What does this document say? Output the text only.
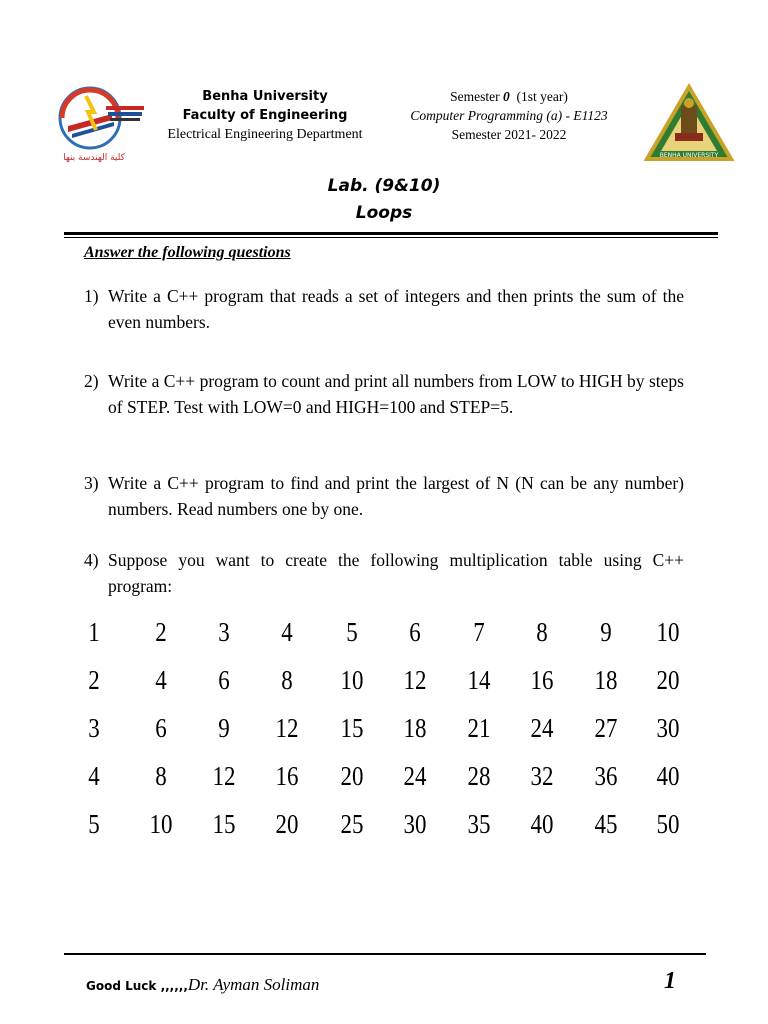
كلية الهندسة بنها
Benha University
Faculty of Engineering
Electrical Engineering Department
Semester 0 (1st year)
Computer Programming (a) - E1123
Semester 2021- 2022
BENHA UNIVERSITY
Lab. (9&10)
Loops
Answer the following questions
1) Write a C++ program that reads a set of integers and then prints the sum of the even numbers.
2) Write a C++ program to count and print all numbers from LOW to HIGH by steps of STEP. Test with LOW=0 and HIGH=100 and STEP=5.
3) Write a C++ program to find and print the largest of N (N can be any number) numbers. Read numbers one by one.
4) Suppose you want to create the following multiplication table using C++ program:
1	2	3	4	5	6	7	8	9	10
2	4	6	8	10	12	14	16	18	20
3	6	9	12	15	18	21	24	27	30
4	8	12	16	20	24	28	32	36	40
5	10	15	20	25	30	35	40	45	50
Good Luck ,,,,,,Dr. Ayman Soliman	1
